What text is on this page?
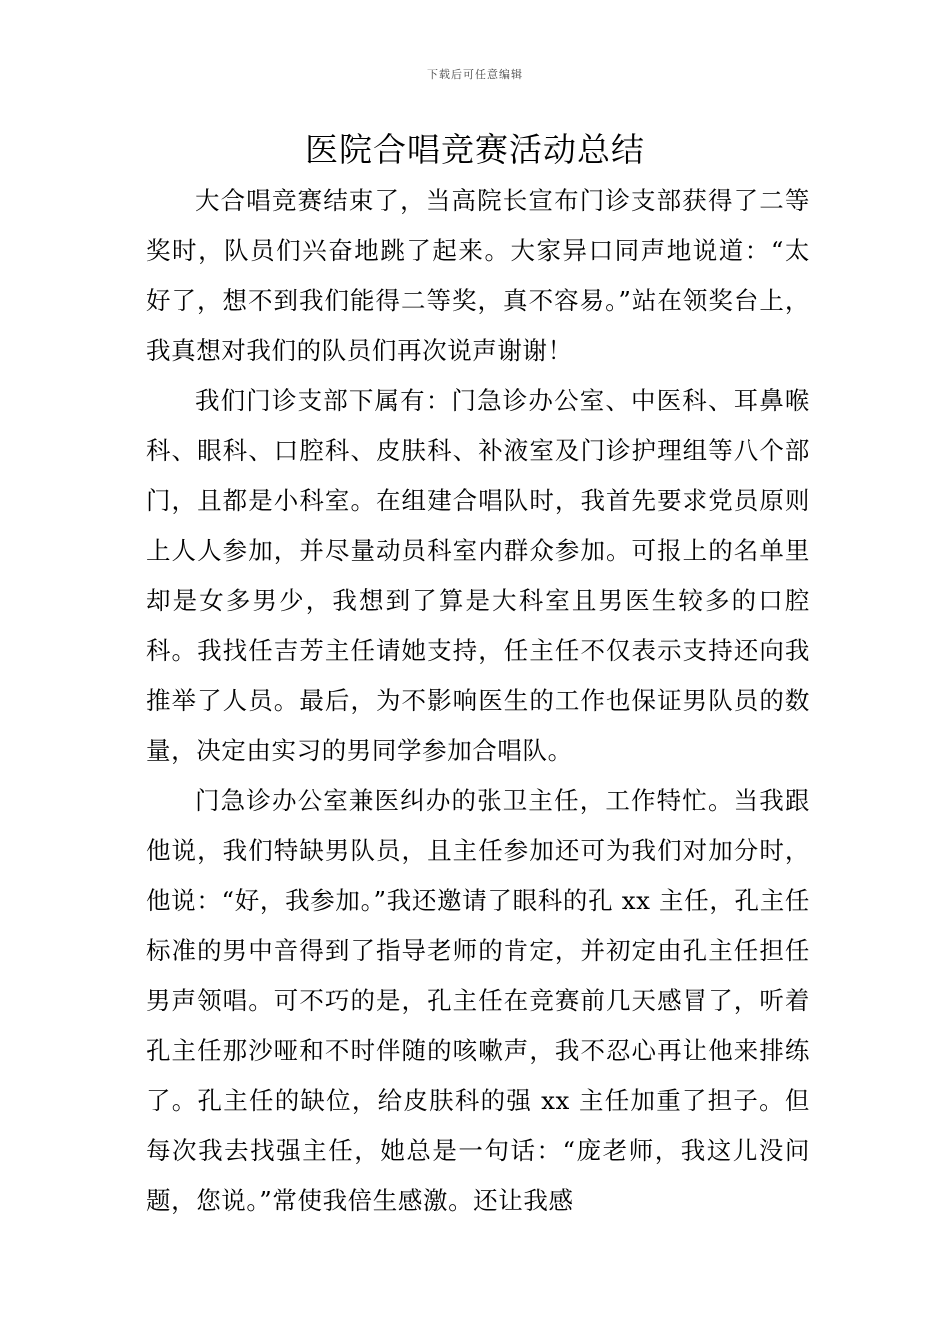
下载后可任意编辑
医院合唱竞赛活动总结

大合唱竞赛结束了，当高院长宣布门诊支部获得了二等奖时，队员们兴奋地跳了起来。大家异口同声地说道：“太好了，想不到我们能得二等奖，真不容易。”站在领奖台上，我真想对我们的队员们再次说声谢谢！

我们门诊支部下属有：门急诊办公室、中医科、耳鼻喉科、眼科、口腔科、皮肤科、补液室及门诊护理组等八个部门，且都是小科室。在组建合唱队时，我首先要求党员原则上人人参加，并尽量动员科室内群众参加。可报上的名单里却是女多男少，我想到了算是大科室且男医生较多的口腔科。我找任吉芳主任请她支持，任主任不仅表示支持还向我推举了人员。最后，为不影响医生的工作也保证男队员的数量，决定由实习的男同学参加合唱队。

门急诊办公室兼医纠办的张卫主任，工作特忙。当我跟他说，我们特缺男队员，且主任参加还可为我们对加分时，他说：“好，我参加。”我还邀请了眼科的孔 xx 主任，孔主任标准的男中音得到了指导老师的肯定，并初定由孔主任担任男声领唱。可不巧的是，孔主任在竞赛前几天感冒了，听着孔主任那沙哑和不时伴随的咳嗽声，我不忍心再让他来排练了。孔主任的缺位，给皮肤科的强 xx 主任加重了担子。但每次我去找强主任，她总是一句话：“庞老师，我这儿没问题，您说。”常使我倍生感激。还让我感
